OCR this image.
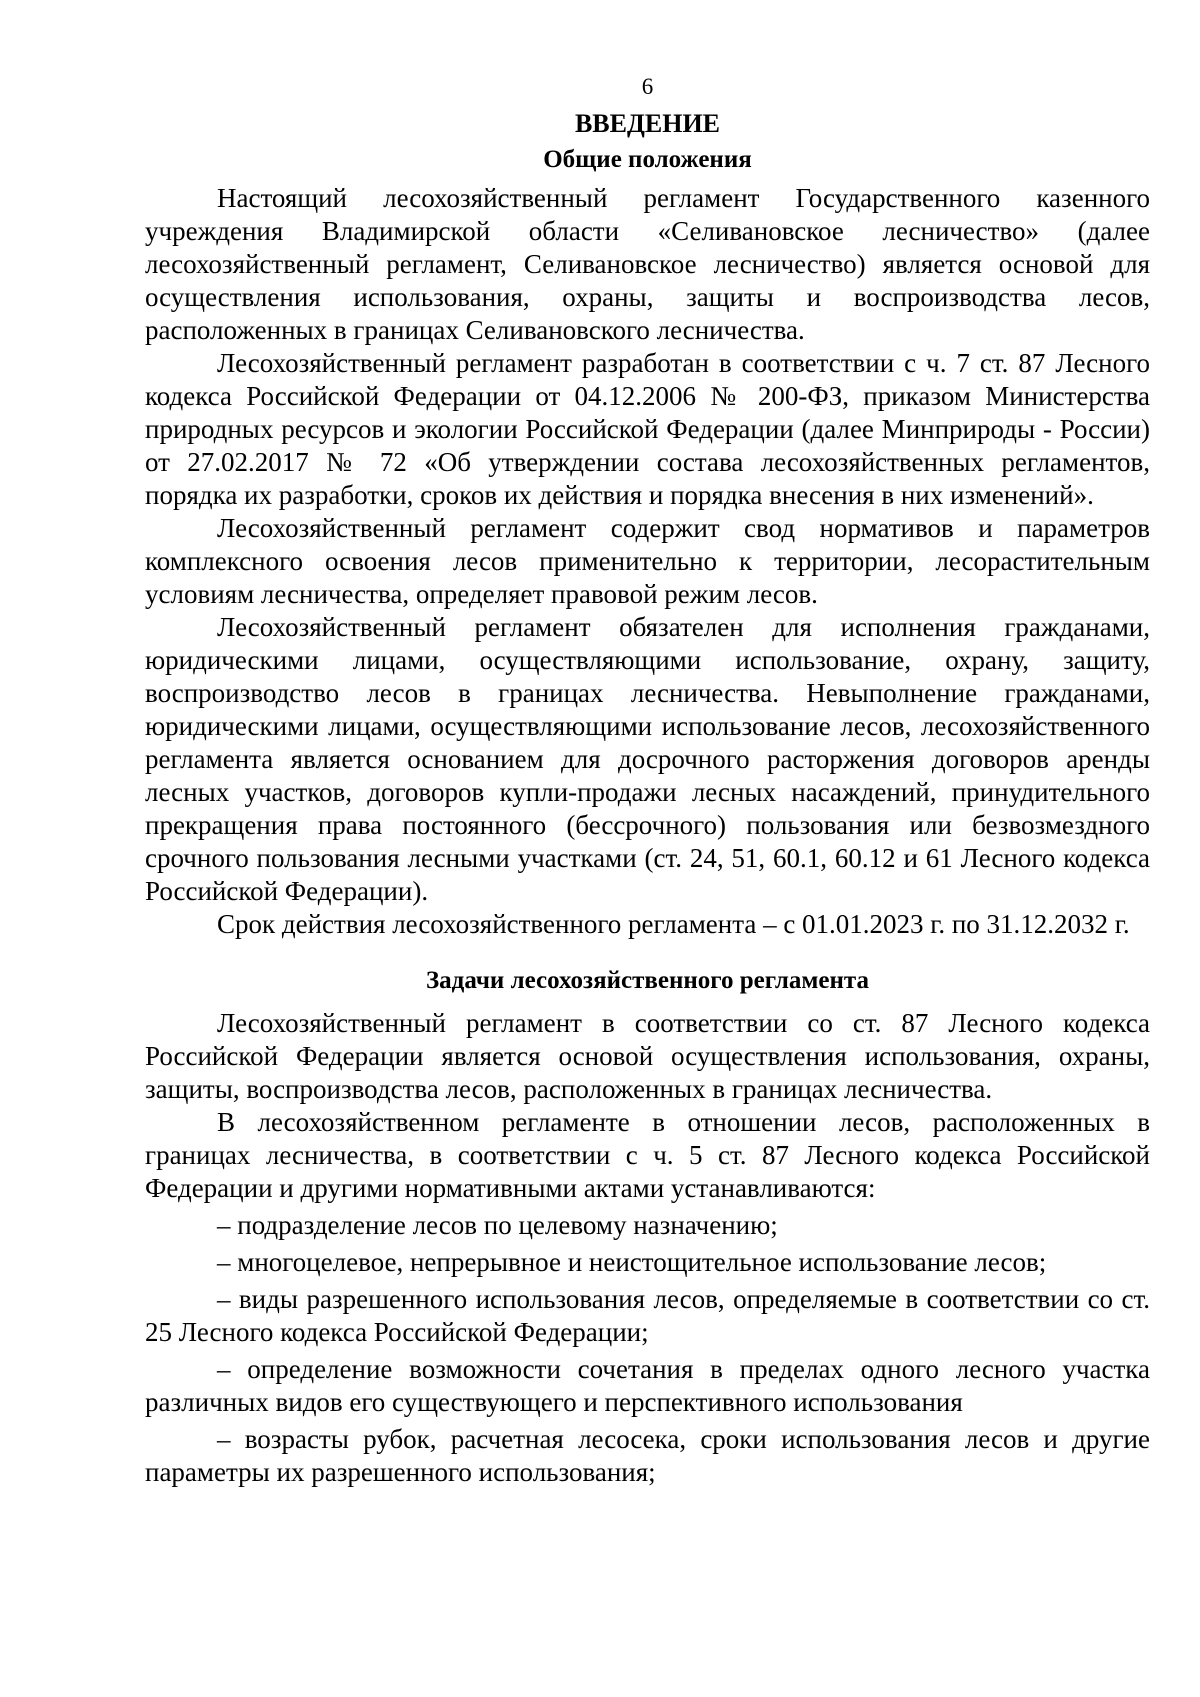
6
ВВЕДЕНИЕ
Общие положения

Настоящий лесохозяйственный регламент Государственного казенного учреждения Владимирской области «Селивановское лесничество» (далее лесохозяйственный регламент, Селивановское лесничество) является основой для осуществления использования, охраны, защиты и воспроизводства лесов, расположенных в границах Селивановского лесничества.

Лесохозяйственный регламент разработан в соответствии с ч. 7 ст. 87 Лесного кодекса Российской Федерации от 04.12.2006 № 200-ФЗ, приказом Министерства природных ресурсов и экологии Российской Федерации (далее Минприроды - России) от 27.02.2017 № 72 «Об утверждении состава лесохозяйственных регламентов, порядка их разработки, сроков их действия и порядка внесения в них изменений».

Лесохозяйственный регламент содержит свод нормативов и параметров комплексного освоения лесов применительно к территории, лесорастительным условиям лесничества, определяет правовой режим лесов.

Лесохозяйственный регламент обязателен для исполнения гражданами, юридическими лицами, осуществляющими использование, охрану, защиту, воспроизводство лесов в границах лесничества. Невыполнение гражданами, юридическими лицами, осуществляющими использование лесов, лесохозяйственного регламента является основанием для досрочного расторжения договоров аренды лесных участков, договоров купли-продажи лесных насаждений, принудительного прекращения права постоянного (бессрочного) пользования или безвозмездного срочного пользования лесными участками (ст. 24, 51, 60.1, 60.12 и 61 Лесного кодекса Российской Федерации).

Срок действия лесохозяйственного регламента – с 01.01.2023 г. по 31.12.2032 г.

Задачи лесохозяйственного регламента

Лесохозяйственный регламент в соответствии со ст. 87 Лесного кодекса Российской Федерации является основой осуществления использования, охраны, защиты, воспроизводства лесов, расположенных в границах лесничества.

В лесохозяйственном регламенте в отношении лесов, расположенных в границах лесничества, в соответствии с ч. 5 ст. 87 Лесного кодекса Российской Федерации и другими нормативными актами устанавливаются:

– подразделение лесов по целевому назначению;

– многоцелевое, непрерывное и неистощительное использование лесов;

– виды разрешенного использования лесов, определяемые в соответствии со ст. 25 Лесного кодекса Российской Федерации;

– определение возможности сочетания в пределах одного лесного участка различных видов его существующего и перспективного использования

– возрасты рубок, расчетная лесосека, сроки использования лесов и другие параметры их разрешенного использования;
